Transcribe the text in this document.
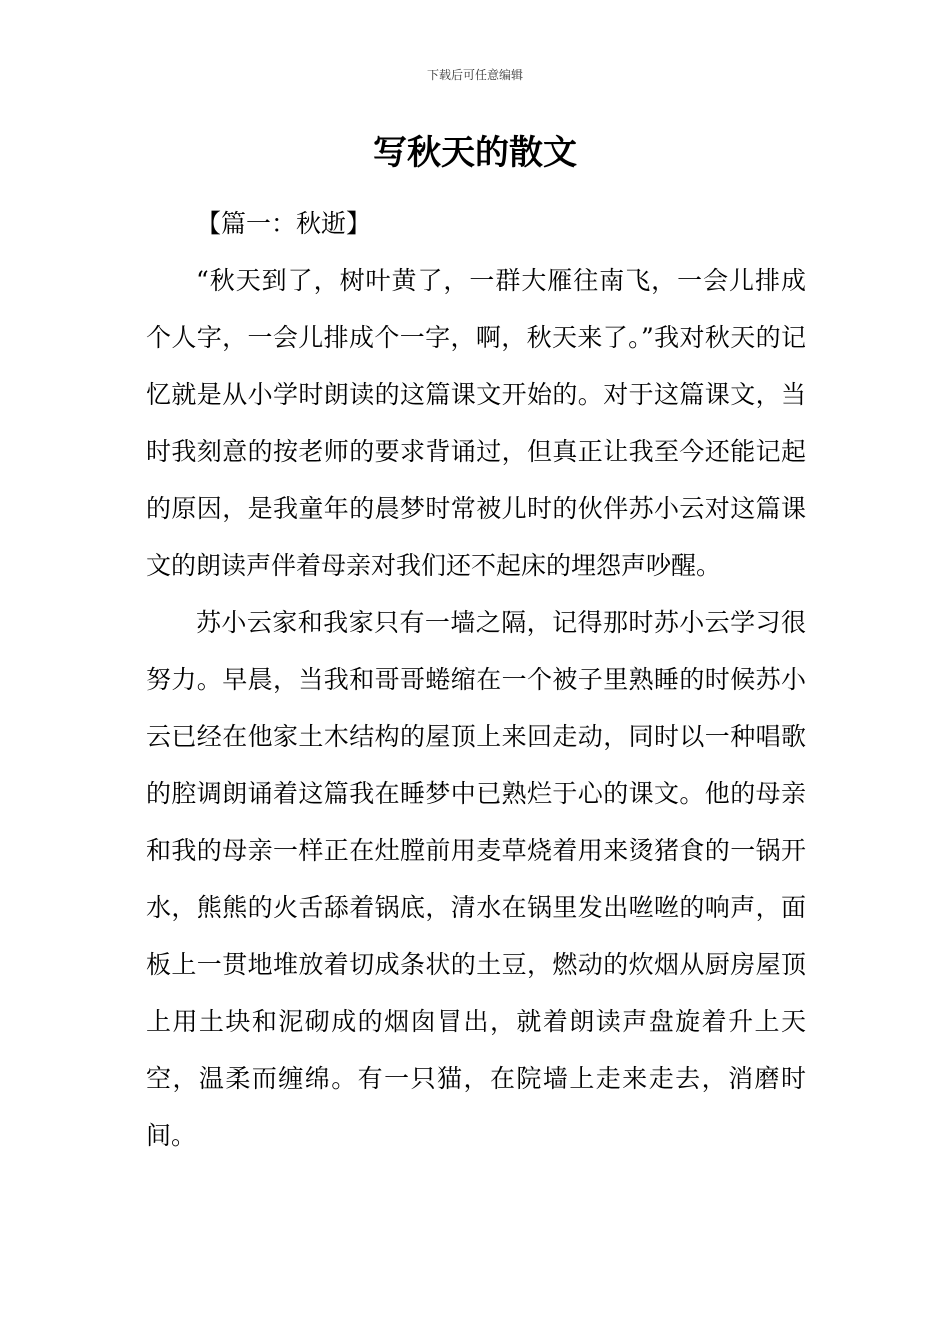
下载后可任意编辑
写秋天的散文
【篇一：秋逝】

“秋天到了，树叶黄了，一群大雁往南飞，一会儿排成个人字，一会儿排成个一字，啊，秋天来了。”我对秋天的记忆就是从小学时朗读的这篇课文开始的。对于这篇课文，当时我刻意的按老师的要求背诵过，但真正让我至今还能记起的原因，是我童年的晨梦时常被儿时的伙伴苏小云对这篇课文的朗读声伴着母亲对我们还不起床的埋怨声吵醒。

苏小云家和我家只有一墙之隔，记得那时苏小云学习很努力。早晨，当我和哥哥蜷缩在一个被子里熟睡的时候苏小云已经在他家土木结构的屋顶上来回走动，同时以一种唱歌的腔调朗诵着这篇我在睡梦中已熟烂于心的课文。他的母亲和我的母亲一样正在灶膛前用麦草烧着用来烫猪食的一锅开水，熊熊的火舌舔着锅底，清水在锅里发出咝咝的响声，面板上一贯地堆放着切成条状的土豆，燃动的炊烟从厨房屋顶上用土块和泥砌成的烟囱冒出，就着朗读声盘旋着升上天空，温柔而缠绵。有一只猫，在院墙上走来走去，消磨时间。
